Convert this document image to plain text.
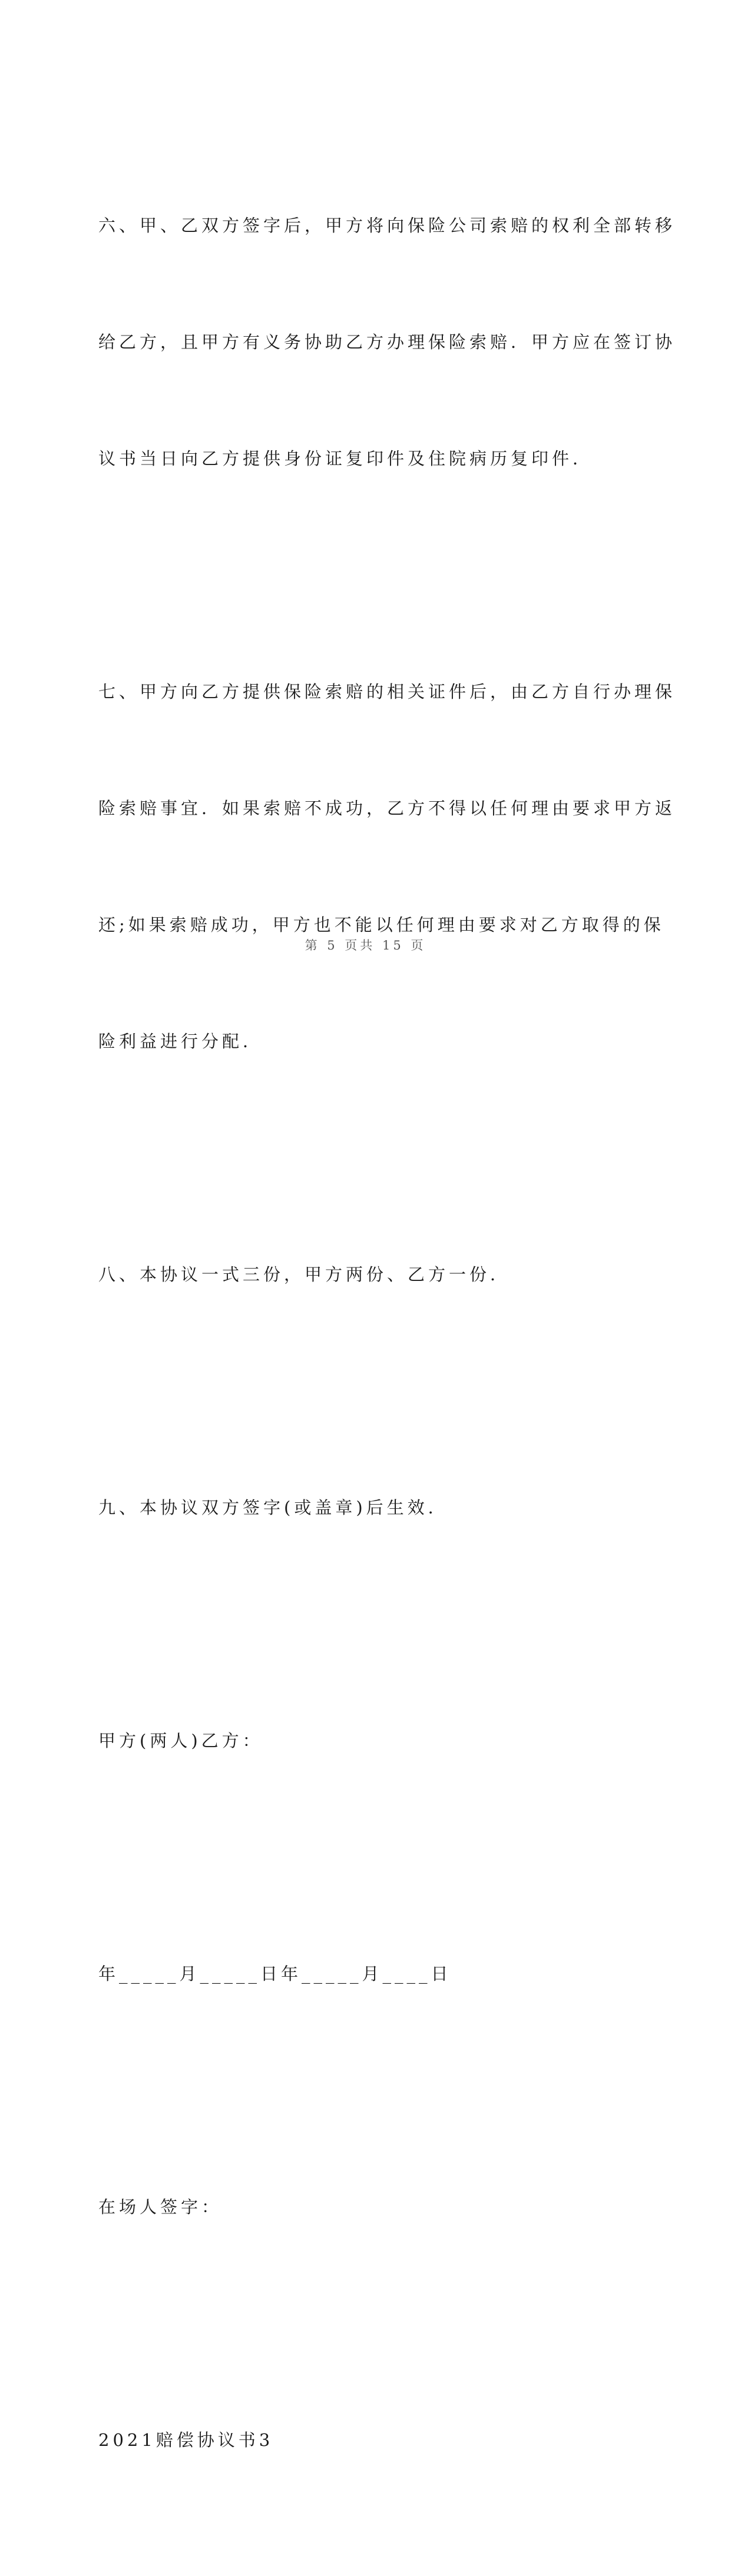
六、甲、乙双方签字后，甲方将向保险公司索赔的权利全部转移

给乙方，且甲方有义务协助乙方办理保险索赔．甲方应在签订协

议书当日向乙方提供身份证复印件及住院病历复印件．

七、甲方向乙方提供保险索赔的相关证件后，由乙方自行办理保

险索赔事宜．如果索赔不成功，乙方不得以任何理由要求甲方返

还;如果索赔成功，甲方也不能以任何理由要求对乙方取得的保

险利益进行分配．

八、本协议一式三份，甲方两份、乙方一份．

九、本协议双方签字(或盖章)后生效．

甲方(两人)乙方：

年_____月_____日年_____月____日

在场人签字：

2021赔偿协议书3

第 5 页共 15 页
